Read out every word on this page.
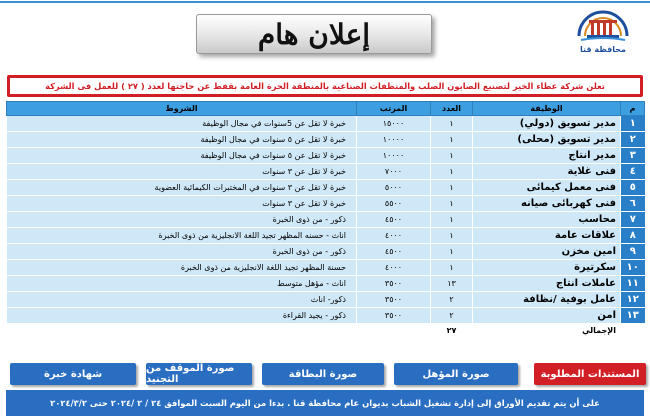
إعلان هام	محافظة قنا
تعلن شركة عطاء الخير لتصنيع الصابون الصلب والمنظفات الصناعية بالمنطقة الحرة العامة بقفط عن حاجتها لعدد ( ٢٧ ) للعمل فى الشركة
م	الوظيفة	العدد	المرتب	الشروط
١	مدير تسويق (دولي)	١	١٥٠٠٠	خبرة لا تقل عن 5سنوات في مجال الوظيفة
٢	مدير تسويق (محلى)	١	١٠٠٠٠	خبرة لا تقل عن ٥ سنوات في مجال الوظيفة
٣	مدير انتاج	١	١٠٠٠٠	خبرة لا تقل عن ٥ سنوات في مجال الوظيفة
٤	فنى غلاية	١	٧٠٠٠	خبرة لا تقل عن ٣ سنوات
٥	فنى معمل كيمائى	١	٥٠٠٠	خبرة لا تقل عن ٣ سنوات في المختبرات الكيمائية العضوية
٦	فنى كهربائى صيانه	١	٥٥٠٠	خبرة لا تقل عن ٣ سنوات
٧	محاسب	١	٤٥٠٠	ذكور - من ذوى الخبرة
٨	علاقات عامة	١	٤٠٠٠	اناث - حسنه المظهر تجيد اللغة الانجليزية من ذوى الخبرة
٩	امين مخزن	١	٤٥٠٠	ذكور - من ذوى الخبرة
١٠	سكرتيرة	١	٤٠٠٠	حسنة المظهر تجيد اللغة الانجليزية من ذوى الخبرة
١١	عاملات انتاج	١٣	٣٥٠٠	اناث - مؤهل متوسط
١٢	عامل بوفية /نظافة	٢	٣٥٠٠	ذكور- اناث
١٣	امن	٢	٣٥٠٠	ذكور - يجيد القراءة
	الإجمالي	٢٧		
المستندات المطلوبة
صورة المؤهل
صورة البطاقة
صورة الموقف من التجنيد
شهادة خبرة
على أن يتم تقديم الأوراق إلى إدارة تشغيل الشباب بديوان عام محافظة قنا . بدءا من اليوم السبت الموافق ٢٤ / ٢ /٢٠٢٤ حتى ٢٠٢٤/٣/٢
